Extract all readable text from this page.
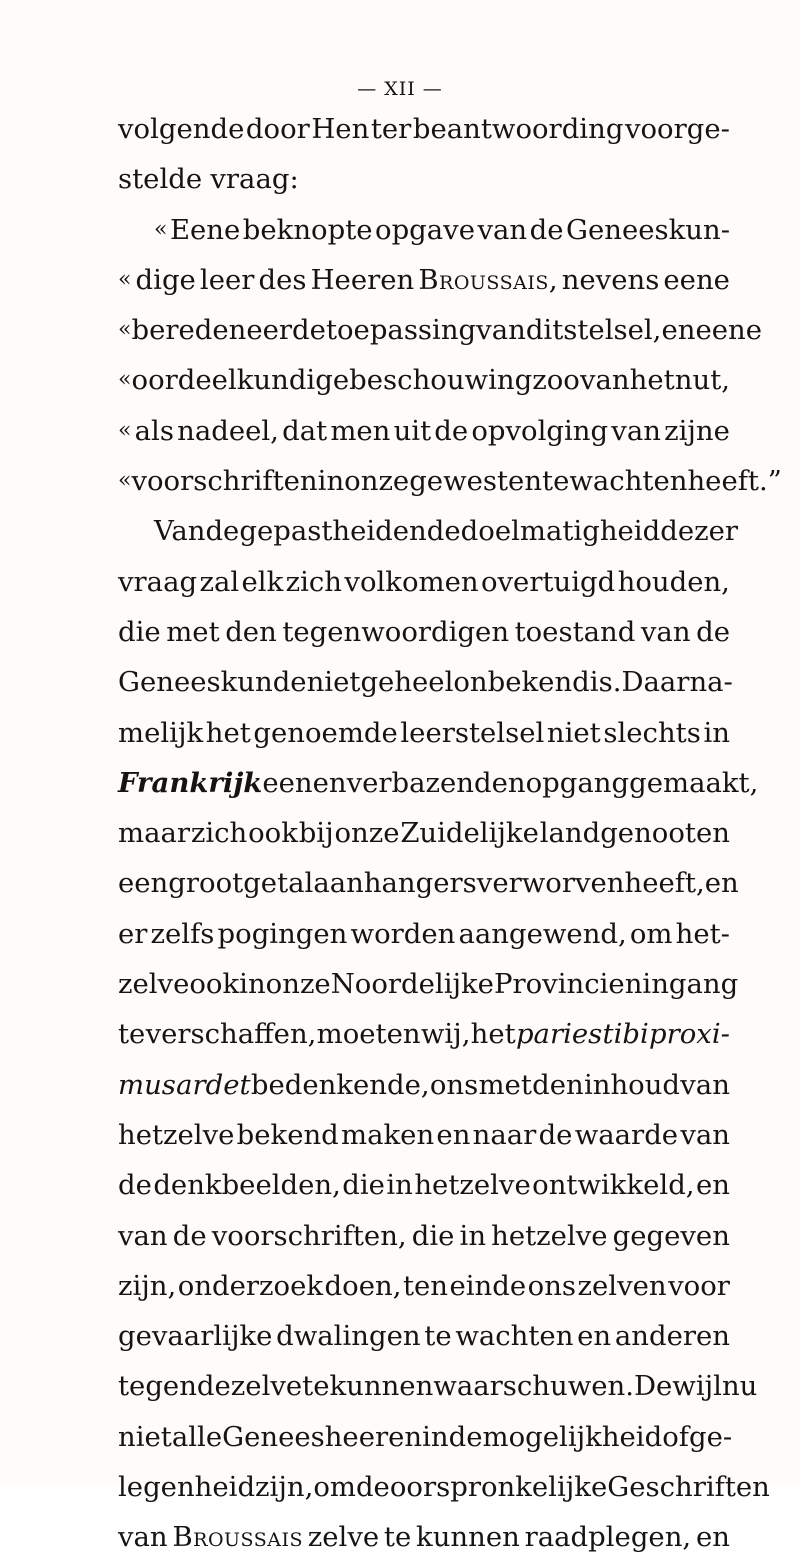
— XII —
volgende door Hen ter beantwoording voorge-
stelde vraag:
« Eene beknopte opgave van de Geneeskun-
« dige leer des Heeren Broussais, nevens eene
« beredeneerde toepassing van dit stelsel, en eene
« oordeelkundige beschouwing zoo van het nut,
« als nadeel, dat men uit de opvolging van zijne
« voorschriften in onze gewesten te wachten heeft.”
Van de gepastheid en de doelmatigheid dezer
vraag zal elk zich volkomen overtuigd houden,
die met den tegenwoordigen toestand van de
Geneeskunde niet geheel onbekend is. Daar na-
melijk het genoemde leerstelsel niet slechts in
Frankrijk eenen verbazenden opgang gemaakt,
maar zich ook bij onze Zuidelijke landgenooten
een groot getal aanhangers verworven heeft, en
er zelfs pogingen worden aangewend, om het-
zelve ook in onze Noordelijke Provincien ingang
te verschaffen, moeten wij, het paries tibi proxi-
mus ardet bedenkende, ons met den inhoud van
hetzelve bekend maken en naar de waarde van
de denkbeelden, die in hetzelve ontwikkeld, en
van de voorschriften, die in hetzelve gegeven
zijn, onderzoek doen, ten einde ons zelven voor
gevaarlijke dwalingen te wachten en anderen
tegen dezelve te kunnen waarschuwen. Dewijl nu
niet alle Geneesheeren in de mogelijkheid of ge-
legenheid zijn, om de oorspronkelijke Geschriften
van Broussais zelve te kunnen raadplegen, en
